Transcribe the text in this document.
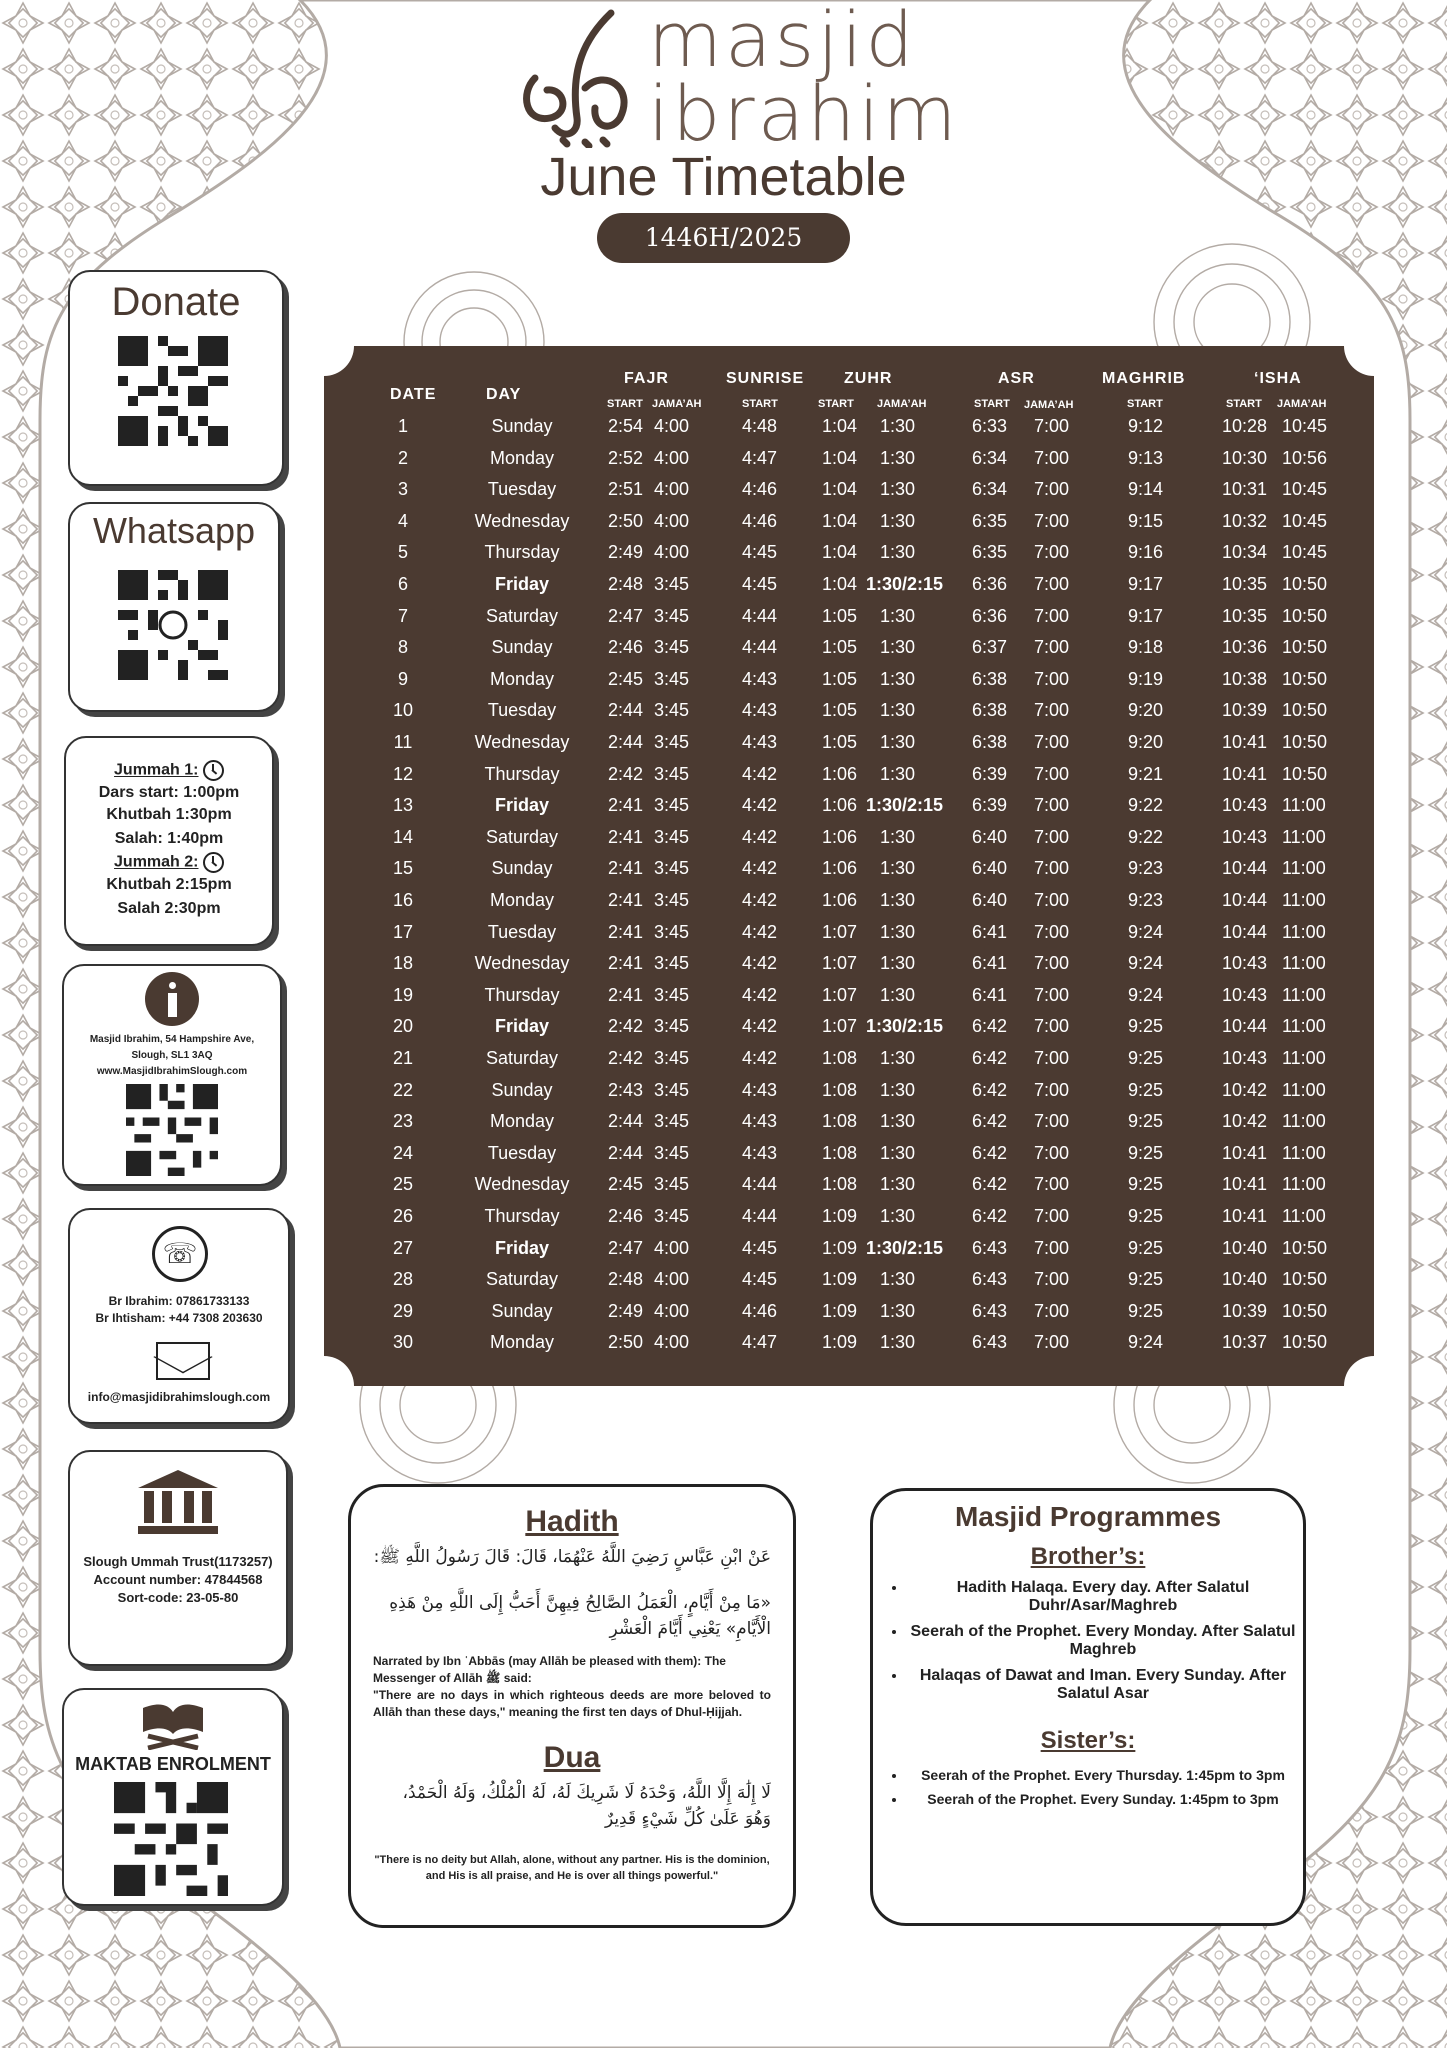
masjid
ibrahim
June Timetable
1446H/2025
Donate
Whatsapp
Jummah 1:
Dars start: 1:00pm
Khutbah 1:30pm
Salah: 1:40pm
Jummah 2:
Khutbah 2:15pm
Salah 2:30pm
Masjid Ibrahim, 54 Hampshire Ave,
Slough, SL1 3AQ
www.MasjidIbrahimSlough.com
☏
Br Ibrahim: 07861733133
Br Ihtisham: +44 7308 203630
info@masjidibrahimslough.com
Slough Ummah Trust(1173257)
Account number: 47844568
Sort-code: 23-05-80
MAKTAB ENROLMENT
DATE	DAY
FAJR	SUNRISE ZUHR	ASR	MAGHRIB	‘ISHA
START JAMA’AH	START	START JAMA’AH	START JAMA’AH	START	START JAMA’AH
1	Sunday	2:54 4:00	4:48 1:04 1:30	6:33 7:00	9:12	10:28 10:45
2	Monday	2:52 4:00	4:47 1:04 1:30	6:34 7:00	9:13	10:30 10:56
3	Tuesday	2:51 4:00	4:46 1:04 1:30	6:34 7:00	9:14	10:31 10:45
4	Wednesday 2:50 4:00	4:46 1:04 1:30	6:35 7:00	9:15	10:32 10:45
5	Thursday	2:49 4:00	4:45 1:04 1:30	6:35 7:00	9:16	10:34 10:45
6	Friday	2:48 3:45	4:45 1:04 1:30/2:15 6:36 7:00	9:17	10:35 10:50
7	Saturday	2:47 3:45	4:44 1:05 1:30	6:36 7:00	9:17	10:35 10:50
8	Sunday	2:46 3:45	4:44 1:05 1:30	6:37 7:00	9:18	10:36 10:50
9	Monday	2:45 3:45	4:43 1:05 1:30	6:38 7:00	9:19	10:38 10:50
10	Tuesday	2:44 3:45	4:43 1:05 1:30	6:38 7:00	9:20	10:39 10:50
11	Wednesday 2:44 3:45	4:43 1:05 1:30	6:38 7:00	9:20	10:41 10:50
12	Thursday	2:42 3:45	4:42 1:06 1:30	6:39 7:00	9:21	10:41 10:50
13	Friday	2:41 3:45	4:42 1:06 1:30/2:15 6:39 7:00	9:22	10:43 11:00
14	Saturday	2:41 3:45	4:42 1:06 1:30	6:40 7:00	9:22	10:43 11:00
15	Sunday	2:41 3:45	4:42 1:06 1:30	6:40 7:00	9:23	10:44 11:00
16	Monday	2:41 3:45	4:42 1:06 1:30	6:40 7:00	9:23	10:44 11:00
17	Tuesday	2:41 3:45	4:42 1:07 1:30	6:41 7:00	9:24	10:44 11:00
18	Wednesday 2:41 3:45	4:42 1:07 1:30	6:41 7:00	9:24	10:43 11:00
19	Thursday	2:41 3:45	4:42 1:07 1:30	6:41 7:00	9:24	10:43 11:00
20	Friday	2:42 3:45	4:42 1:07 1:30/2:15 6:42 7:00	9:25	10:44 11:00
21	Saturday	2:42 3:45	4:42 1:08 1:30	6:42 7:00	9:25	10:43 11:00
22	Sunday	2:43 3:45	4:43 1:08 1:30	6:42 7:00	9:25	10:42 11:00
23	Monday	2:44 3:45	4:43 1:08 1:30	6:42 7:00	9:25	10:42 11:00
24	Tuesday	2:44 3:45	4:43 1:08 1:30	6:42 7:00	9:25	10:41 11:00
25	Wednesday 2:45 3:45	4:44 1:08 1:30	6:42 7:00	9:25	10:41 11:00
26	Thursday	2:46 3:45	4:44 1:09 1:30	6:42 7:00	9:25	10:41 11:00
27	Friday	2:47 4:00	4:45 1:09 1:30/2:15 6:43 7:00	9:25	10:40 10:50
28	Saturday	2:48 4:00	4:45 1:09 1:30	6:43 7:00	9:25	10:40 10:50
29	Sunday	2:49 4:00	4:46 1:09 1:30	6:43 7:00	9:25	10:39 10:50
30	Monday	2:50 4:00	4:47 1:09 1:30	6:43 7:00	9:24	10:37 10:50
Hadith
عَنْ ابْنِ عَبَّاسٍ رَضِيَ اللَّهُ عَنْهُمَا، قَالَ: قَالَ رَسُولُ اللَّهِ ﷺ:
«مَا مِنْ أَيَّامٍ، الْعَمَلُ الصَّالِحُ فِيهِنَّ أَحَبُّ إِلَى اللَّهِ مِنْ هَذِهِ الْأَيَّامِ» يَعْنِي أَيَّامَ الْعَشْرِ
Narrated by Ibn ʿAbbās (may Allāh be pleased with them): The Messenger of Allāh ﷺ said:
"There are no days in which righteous deeds are more beloved to Allāh than these days," meaning the first ten days of Dhul-Ḥijjah.
Dua
لَا إِلَٰهَ إِلَّا اللَّهُ، وَحْدَهُ لَا شَرِيكَ لَهُ، لَهُ الْمُلْكُ، وَلَهُ الْحَمْدُ، وَهُوَ عَلَىٰ كُلِّ شَيْءٍ قَدِيرٌ
"There is no deity but Allah, alone, without any partner. His is the dominion, and His is all praise, and He is over all things powerful."
Masjid Programmes
Brother’s:
• Hadith Halaqa. Every day. After Salatul Duhr/Asar/Maghreb
• Seerah of the Prophet. Every Monday. After Salatul Maghreb
• Halaqas of Dawat and Iman. Every Sunday. After Salatul Asar
Sister’s:
• Seerah of the Prophet. Every Thursday. 1:45pm to 3pm
• Seerah of the Prophet. Every Sunday. 1:45pm to 3pm
